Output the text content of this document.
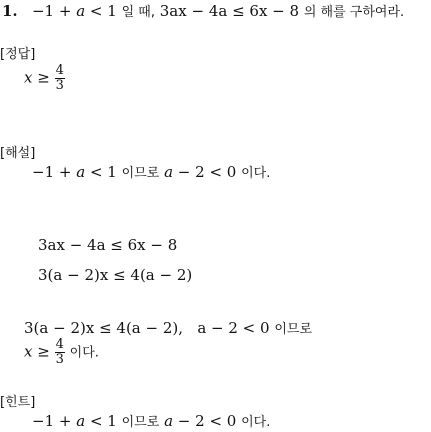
1. −1 + a < 1 일 때, 3ax − 4a ≤ 6x − 8 의 해를 구하여라.
[정답]
$x \ge \frac{4}{3}$
[해설]
−1 + a < 1 이므로 a − 2 < 0 이다.
3ax − 4a ≤ 6x − 8
3(a − 2)x ≤ 4(a − 2)
3(a − 2)x ≤ 4(a − 2), a − 2 < 0 이므로
$x \ge \frac{4}{3}$ 이다.
[힌트]
−1 + a < 1 이므로 a − 2 < 0 이다.
